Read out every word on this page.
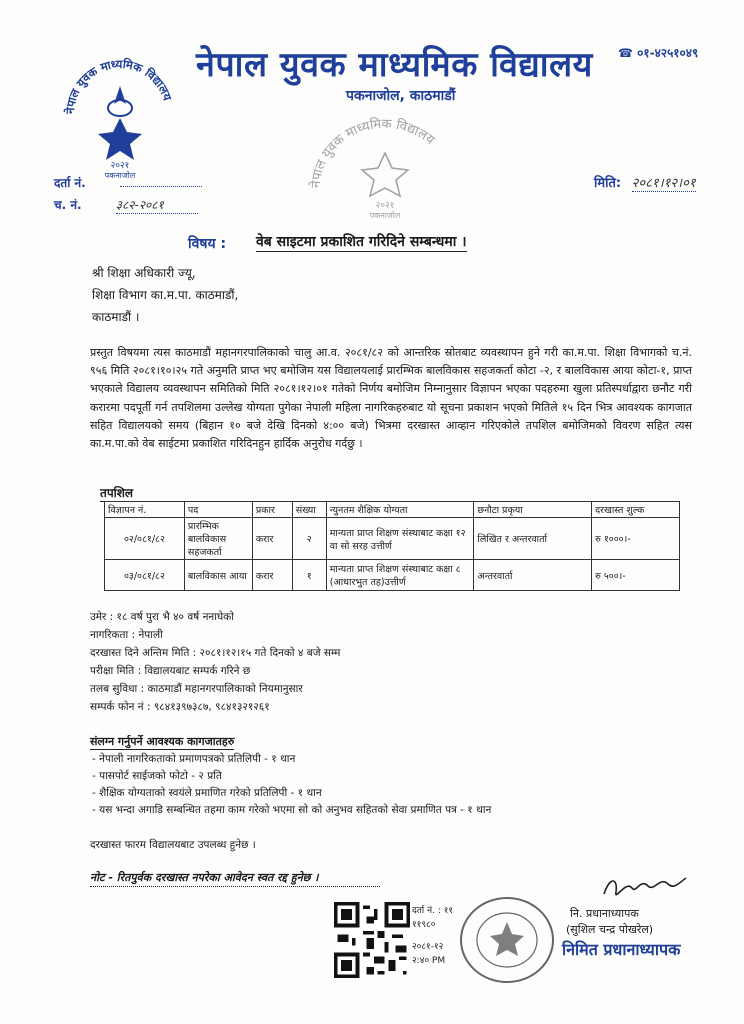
नेपाल युवक माध्यमिक विद्यालय
२०२१
पकनाजोल
नेपाल युवक माध्यमिक विद्यालय
पकनाजोल, काठमाडौं
☎ ०१-४२५१०४९
नेपाल युवक माध्यमिक विद्यालय
२०२१
पकनाजोल
दर्ता नं.
च. नं.	३८२-२०८१
मिति: २०८१।१२।०१
विषय : वेब साइटमा प्रकाशित गरिदिने सम्बन्धमा ।
श्री शिक्षा अधिकारी ज्यू,
शिक्षा विभाग का.म.पा. काठमाडौं,
काठमाडौं ।
प्रस्तुत विषयमा त्यस काठमाडौं महानगरपालिकाको चालु आ.व. २०८१/८२ को आन्तरिक स्रोतबाट व्यवस्थापन हुने गरी का.म.पा. शिक्षा विभागको च.नं. ९५६ मिति २०८१।१०।२५ गते अनुमति प्राप्त भए बमोजिम यस विद्यालयलाई प्रारम्भिक बालविकास सहजकर्ता कोटा -२, र बालविकास आया कोटा-१, प्राप्त भएकाले विद्यालय व्यवस्थापन समितिको मिति २०८१।१२।०१ गतेको निर्णय बमोजिम निम्नानुसार विज्ञापन भएका पदहरुमा खुला प्रतिस्पर्धाद्वारा छनौट गरी करारमा पदपूर्ती गर्न तपशिलमा उल्लेख योग्यता पुगेका नेपाली महिला नागरिकहरुबाट यो सूचना प्रकाशन भएको मितिले १५ दिन भित्र आवश्यक कागजात सहित विद्यालयको समय (बिहान १० बजे देखि दिनको ४:०० बजे) भित्रमा दरखास्त आव्हान गरिएकोले तपशिल बमोजिमको विवरण सहित त्यस का.म.पा.को वेब साईटमा प्रकाशित गरिदिनहुन हार्दिक अनुरोध गर्दछु ।
तपशिल
विज्ञापन नं.	पद	प्रकार	संख्या	न्युनतम शैक्षिक योग्यता	छनौटा प्रकृया	दरखास्त शुल्क
०२/०८१/८२	प्रारम्भिक बालविकास सहजकर्ता	करार	२	मान्यता प्राप्त शिक्षण संस्थाबाट कक्षा १२ वा सो सरह उत्तीर्ण	लिखित र अन्तरवार्ता	रु १०००।-
०३/०८१/८२	बालविकास आया	करार	१	मान्यता प्राप्त शिक्षण संस्थाबाट कक्षा ८ (आधारभुत तह)उत्तीर्ण	अन्तरवार्ता	रु ५००।-
उमेर : १८ वर्ष पुरा भै ४० वर्ष ननाघेको
नागरिकता : नेपाली
दरखास्त दिने अन्तिम मिति : २०८१।१२।१५ गते दिनको ४ बजे सम्म
परीक्षा मिति : विद्यालयबाट सम्पर्क गरिने छ
तलब सुविधा : काठमाडौं महानगरपालिकाको नियमानुसार
सम्पर्क फोन नं : ९८४१३९७३८७, ९८४१३२१२६१
संलग्न गर्नुपर्ने आवश्यक कागजातहरु
- नेपाली नागरिकताको प्रमाणपत्रको प्रतिलिपी - १ थान
- पासपोर्ट साईजको फोटो - २ प्रति
- शैक्षिक योग्यताको स्वयंले प्रमाणित गरेको प्रतिलिपी - १ थान
- यस भन्दा अगाडि सम्बन्धित तहमा काम गरेको भएमा सो को अनुभव सहितको सेवा प्रमाणित पत्र - १ थान
दरखास्त फारम विद्यालयबाट उपलब्ध हुनेछ ।
नोट - रितपुर्वक दरखास्त नपरेका आवेदन स्वत रद्द हुनेछ ।
नि. प्रधानाध्यापक
(सुशिल चन्द्र पोखरेल)
निमित प्रधानाध्यापक
दर्ता नं. : ११
११९८०
२०८१-१२
२:४० PM
